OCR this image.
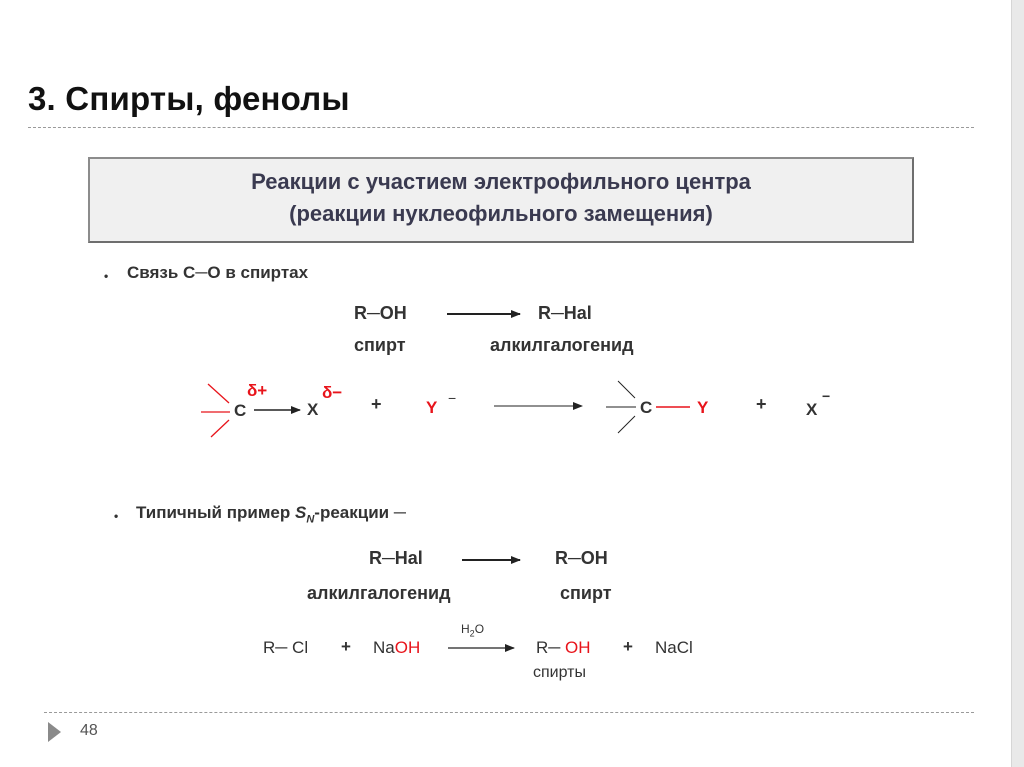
3. Спирты, фенолы
Реакции с участием электрофильного центра
(реакции нуклеофильного замещения)
• Связь С─О в спиртах
R─OH	R─Hal
спирт	алкилгалогенид
δ+
C	X
δ−
+	Y −	C	Y	+ X
−
• Типичный пример $S_N$-реакции ─
R─Hal	R─OH
алкилгалогенид	спирт
R─ Cl + NaOH
$H_2O$
R─ OH + NaCl
спирты
48
